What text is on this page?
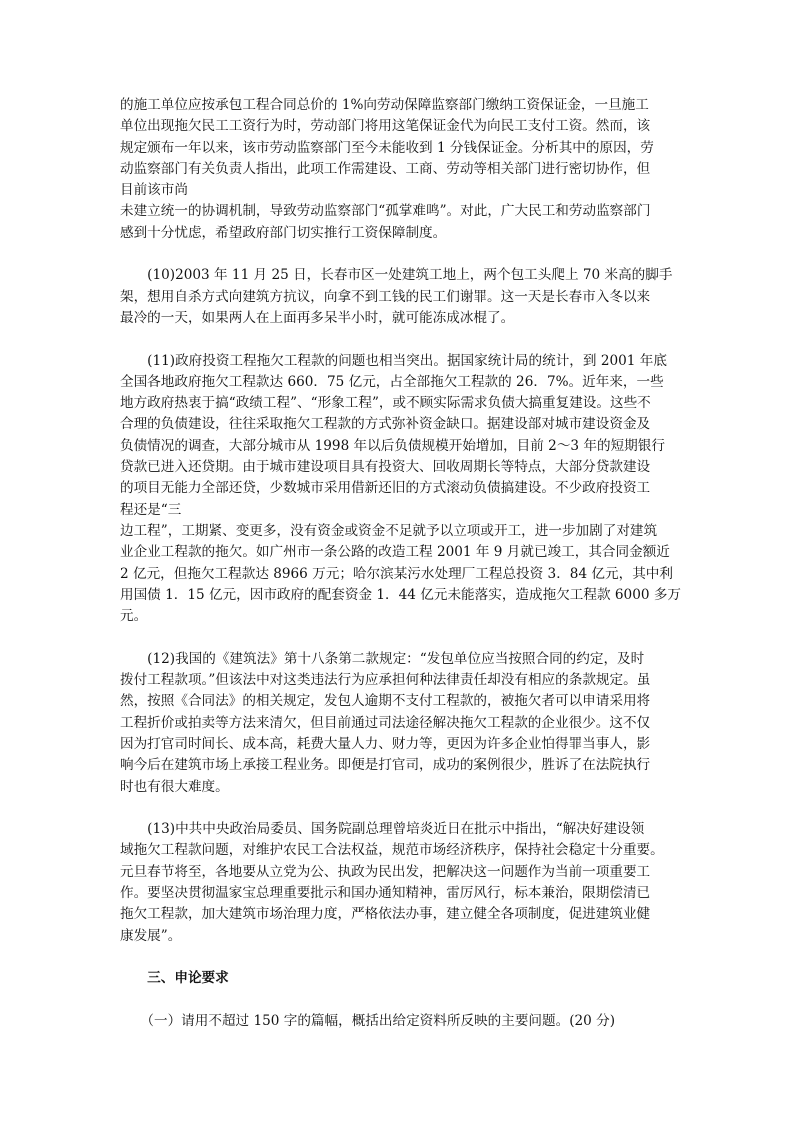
的施工单位应按承包工程合同总价的 1%向劳动保障监察部门缴纳工资保证金，一旦施工

单位出现拖欠民工工资行为时，劳动部门将用这笔保证金代为向民工支付工资。然而，该

规定颁布一年以来，该市劳动监察部门至今未能收到 1 分钱保证金。分析其中的原因，劳

动监察部门有关负责人指出，此项工作需建设、工商、劳动等相关部门进行密切协作，但

目前该市尚

未建立统一的协调机制，导致劳动监察部门“孤掌难鸣”。对此，广大民工和劳动监察部门

感到十分忧虑，希望政府部门切实推行工资保障制度。

　　(10)2003 年 11 月 25 日，长春市区一处建筑工地上，两个包工头爬上 70 米高的脚手

架，想用自杀方式向建筑方抗议，向拿不到工钱的民工们谢罪。这一天是长春市入冬以来

最冷的一天，如果两人在上面再多呆半小时，就可能冻成冰棍了。

　　(11)政府投资工程拖欠工程款的问题也相当突出。据国家统计局的统计，到 2001 年底

全国各地政府拖欠工程款达 660．75 亿元，占全部拖欠工程款的 26．7%。近年来，一些

地方政府热衷于搞“政绩工程”、“形象工程”，或不顾实际需求负债大搞重复建设。这些不

合理的负债建设，往往采取拖欠工程款的方式弥补资金缺口。据建设部对城市建设资金及

负债情况的调查，大部分城市从 1998 年以后负债规模开始增加，目前 2～3 年的短期银行

贷款已进入还贷期。由于城市建设项目具有投资大、回收周期长等特点，大部分贷款建设

的项目无能力全部还贷，少数城市采用借新还旧的方式滚动负债搞建设。不少政府投资工

程还是“三

边工程”，工期紧、变更多，没有资金或资金不足就予以立项或开工，进一步加剧了对建筑

业企业工程款的拖欠。如广州市一条公路的改造工程 2001 年 9 月就已竣工，其合同金额近

2 亿元，但拖欠工程款达 8966 万元；哈尔滨某污水处理厂工程总投资 3．84 亿元，其中利

用国债 1．15 亿元，因市政府的配套资金 1．44 亿元未能落实，造成拖欠工程款 6000 多万

元。

　　(12)我国的《建筑法》第十八条第二款规定：“发包单位应当按照合同的约定，及时

拨付工程款项。”但该法中对这类违法行为应承担何种法律责任却没有相应的条款规定。虽

然，按照《合同法》的相关规定，发包人逾期不支付工程款的，被拖欠者可以申请采用将

工程折价或拍卖等方法来清欠，但目前通过司法途径解决拖欠工程款的企业很少。这不仅

因为打官司时间长、成本高，耗费大量人力、财力等，更因为许多企业怕得罪当事人，影

响今后在建筑市场上承接工程业务。即便是打官司，成功的案例很少，胜诉了在法院执行

时也有很大难度。

　　(13)中共中央政治局委员、国务院副总理曾培炎近日在批示中指出，“解决好建设领

域拖欠工程款问题，对维护农民工合法权益，规范市场经济秩序，保持社会稳定十分重要。

元旦春节将至，各地要从立党为公、执政为民出发，把解决这一问题作为当前一项重要工

作。要坚决贯彻温家宝总理重要批示和国办通知精神，雷厉风行，标本兼治，限期偿清已

拖欠工程款，加大建筑市场治理力度，严格依法办事，建立健全各项制度，促进建筑业健

康发展”。

　　三、申论要求

　　（一）请用不超过 150 字的篇幅，概括出给定资料所反映的主要问题。(20 分)
